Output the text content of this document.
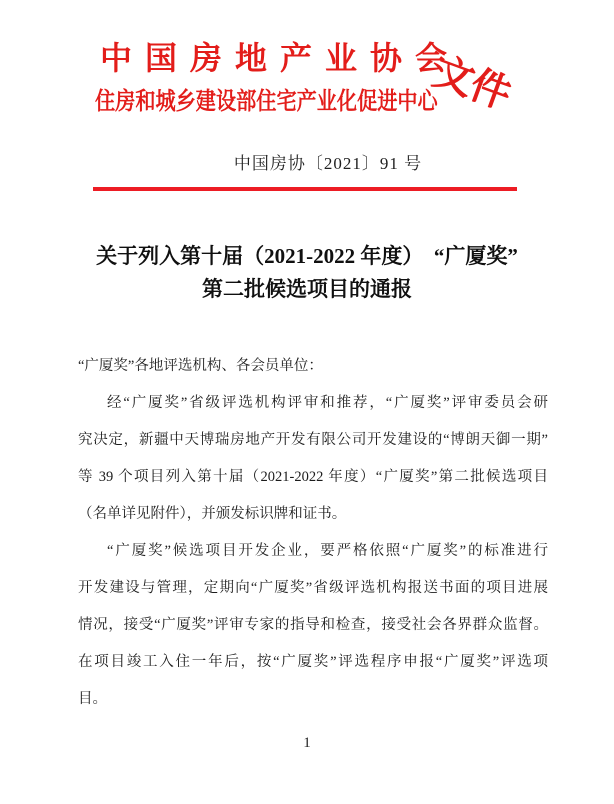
中国房地产业协会
文件
住房和城乡建设部住宅产业化促进中心
中国房协〔2021〕91 号
关于列入第十届（2021-2022 年度）　“广厦奖”
第二批候选项目的通报
“广厦奖”各地评选机构、各会员单位：
经“广厦奖”省级评选机构评审和推荐，“广厦奖”评审委员会研
究决定，新疆中天博瑞房地产开发有限公司开发建设的“博朗天御一期”
等 39 个项目列入第十届（2021-2022 年度）“广厦奖”第二批候选项目
（名单详见附件），并颁发标识牌和证书。
“广厦奖”候选项目开发企业，要严格依照“广厦奖”的标准进行
开发建设与管理，定期向“广厦奖”省级评选机构报送书面的项目进展
情况，接受“广厦奖”评审专家的指导和检查，接受社会各界群众监督。
在项目竣工入住一年后，按“广厦奖”评选程序申报“广厦奖”评选项
目。
1
